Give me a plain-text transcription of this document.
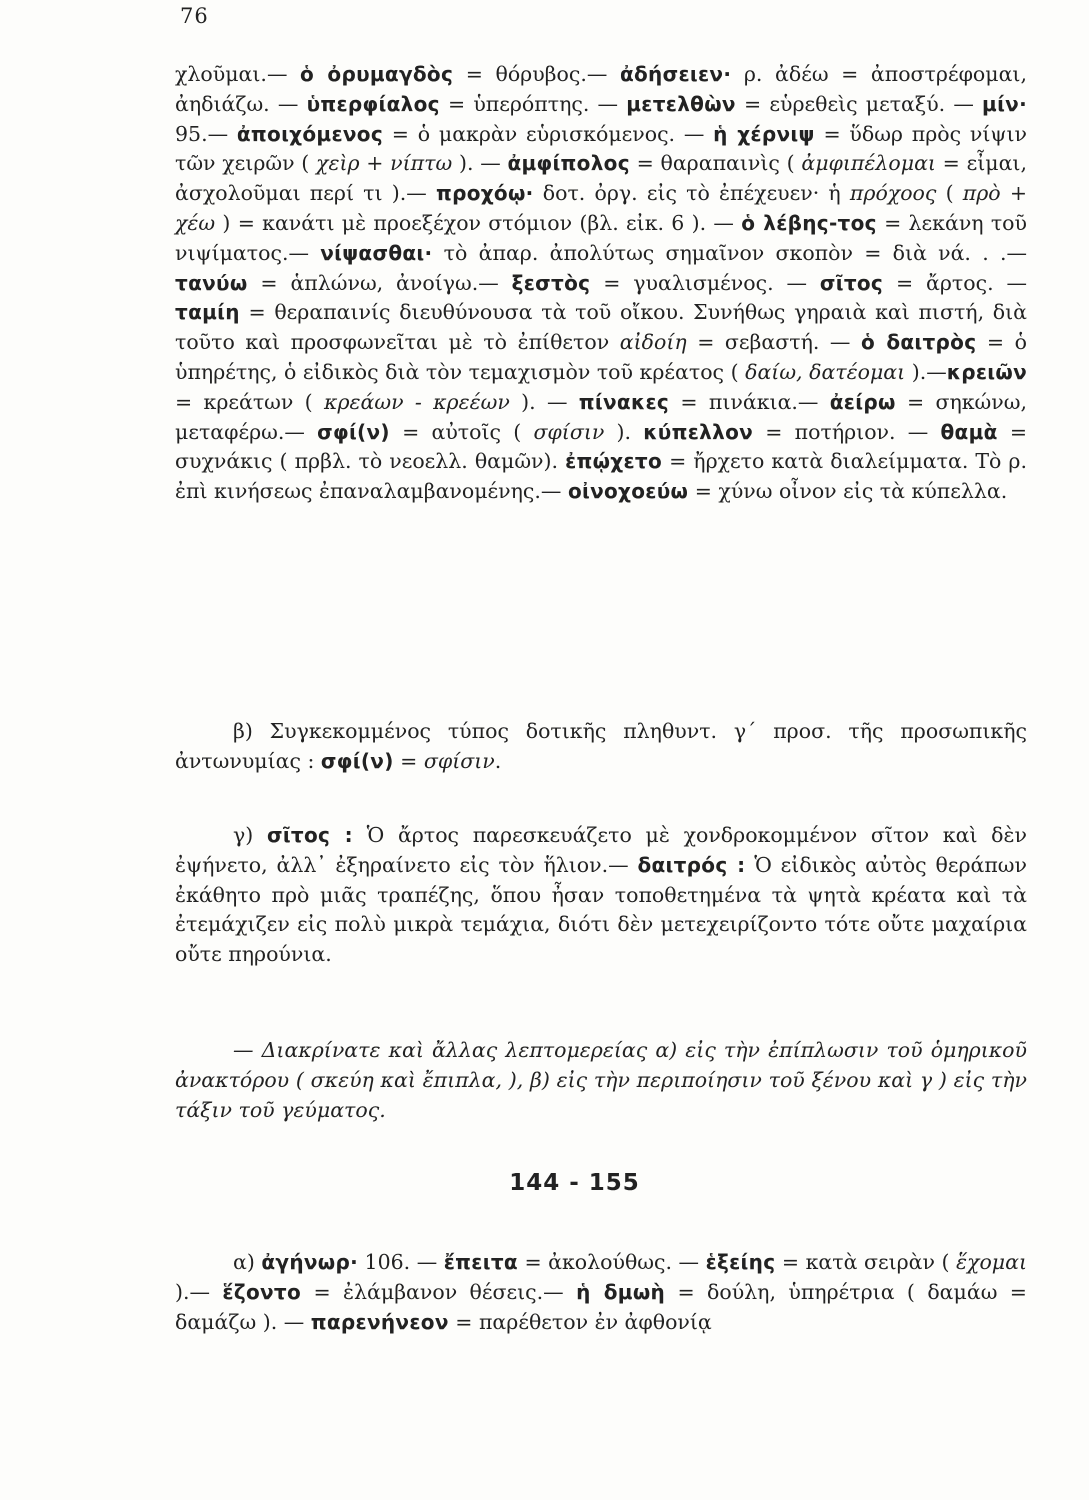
76

χλοῦμαι.— ὁ ὀρυμαγδὸς = θόρυβος.— ἀδήσειεν· ρ. ἀδέω = ἀποστρέφομαι, ἀηδιάζω. — ὑπερφίαλος = ὑπερόπτης. — μετελθὼν = εὑρεθεὶς μεταξύ. — μίν· 95.— ἀποιχόμενος = ὁ μακρὰν εὑρισκόμενος. — ἡ χέρνιψ = ὕδωρ πρὸς νίψιν τῶν χειρῶν ( χεὶρ + νίπτω ). — ἀμφίπολος = θαραπαινὶς ( ἀμφιπέλομαι = εἶμαι, ἀσχολοῦμαι περί τι ).— προχόῳ· δοτ. ὀργ. εἰς τὸ ἐπέχευεν· ἡ πρόχοος ( πρὸ + χέω ) = κανάτι μὲ προεξέχον στόμιον (βλ. εἰκ. 6 ). — ὁ λέβης-τος = λεκάνη τοῦ νιψίματος.— νίψασθαι· τὸ ἀπαρ. ἀπολύτως σημαῖνον σκοπὸν = διὰ νά. . .— τανύω = ἁπλώνω, ἀνοίγω.— ξεστὸς = γυαλισμένος. — σῖτος = ἄρτος. — ταμίη = θεραπαινίς διευθύνουσα τὰ τοῦ οἴκου. Συνήθως γηραιὰ καὶ πιστή, διὰ τοῦτο καὶ προσφωνεῖται μὲ τὸ ἐπίθετον αἰδοίη = σεβαστή. — ὁ δαιτρὸς = ὁ ὑπηρέτης, ὁ εἰδικὸς διὰ τὸν τεμαχισμὸν τοῦ κρέατος ( δαίω, δατέομαι ).—κρειῶν = κρεάτων ( κρεάων - κρεέων ). — πίνακες = πινάκια.— ἀείρω = σηκώνω, μεταφέρω.— σφί(ν) = αὐτοῖς ( σφίσιν ). κύπελλον = ποτήριον. — θαμὰ = συχνάκις ( πρβλ. τὸ νεοελλ. θαμῶν). ἐπῴχετο = ἤρχετο κατὰ διαλείμματα. Τὸ ρ. ἐπὶ κινήσεως ἐπαναλαμβανομένης.— οἰνοχοεύω = χύνω οἶνον εἰς τὰ κύπελλα.

β) Συγκεκομμένος τύπος δοτικῆς πληθυντ. γ΄ προσ. τῆς προσωπικῆς ἀντωνυμίας : σφί(ν) = σφίσιν.

γ) σῖτος : Ὁ ἄρτος παρεσκευάζετο μὲ χονδροκομμένον σῖτον καὶ δὲν ἐψήνετο, ἀλλ᾽ ἐξηραίνετο εἰς τὸν ἥλιον.— δαιτρός : Ὁ εἰδικὸς αὐτὸς θεράπων ἐκάθητο πρὸ μιᾶς τραπέζης, ὅπου ἦσαν τοποθετημένα τὰ ψητὰ κρέατα καὶ τὰ ἐτεμάχιζεν εἰς πολὺ μικρὰ τεμάχια, διότι δὲν μετεχειρίζοντο τότε οὔτε μαχαίρια οὔτε πηρούνια.

— Διακρίνατε καὶ ἄλλας λεπτομερείας α) εἰς τὴν ἐπίπλωσιν τοῦ ὁμηρικοῦ ἀνακτόρου ( σκεύη καὶ ἔπιπλα, ), β) εἰς τὴν περιποίησιν τοῦ ξένου καὶ γ ) εἰς τὴν τάξιν τοῦ γεύματος.

144 - 155

α) ἀγήνωρ· 106. — ἔπειτα = ἀκολούθως. — ἑξείης = κατὰ σειρὰν ( ἕχομαι ).— ἕζοντο = ἐλάμβανον θέσεις.— ἡ δμωὴ = δούλη, ὑπηρέτρια ( δαμάω = δαμάζω ). — παρενήνεον = παρέθετον ἐν ἀφθονίᾳ
